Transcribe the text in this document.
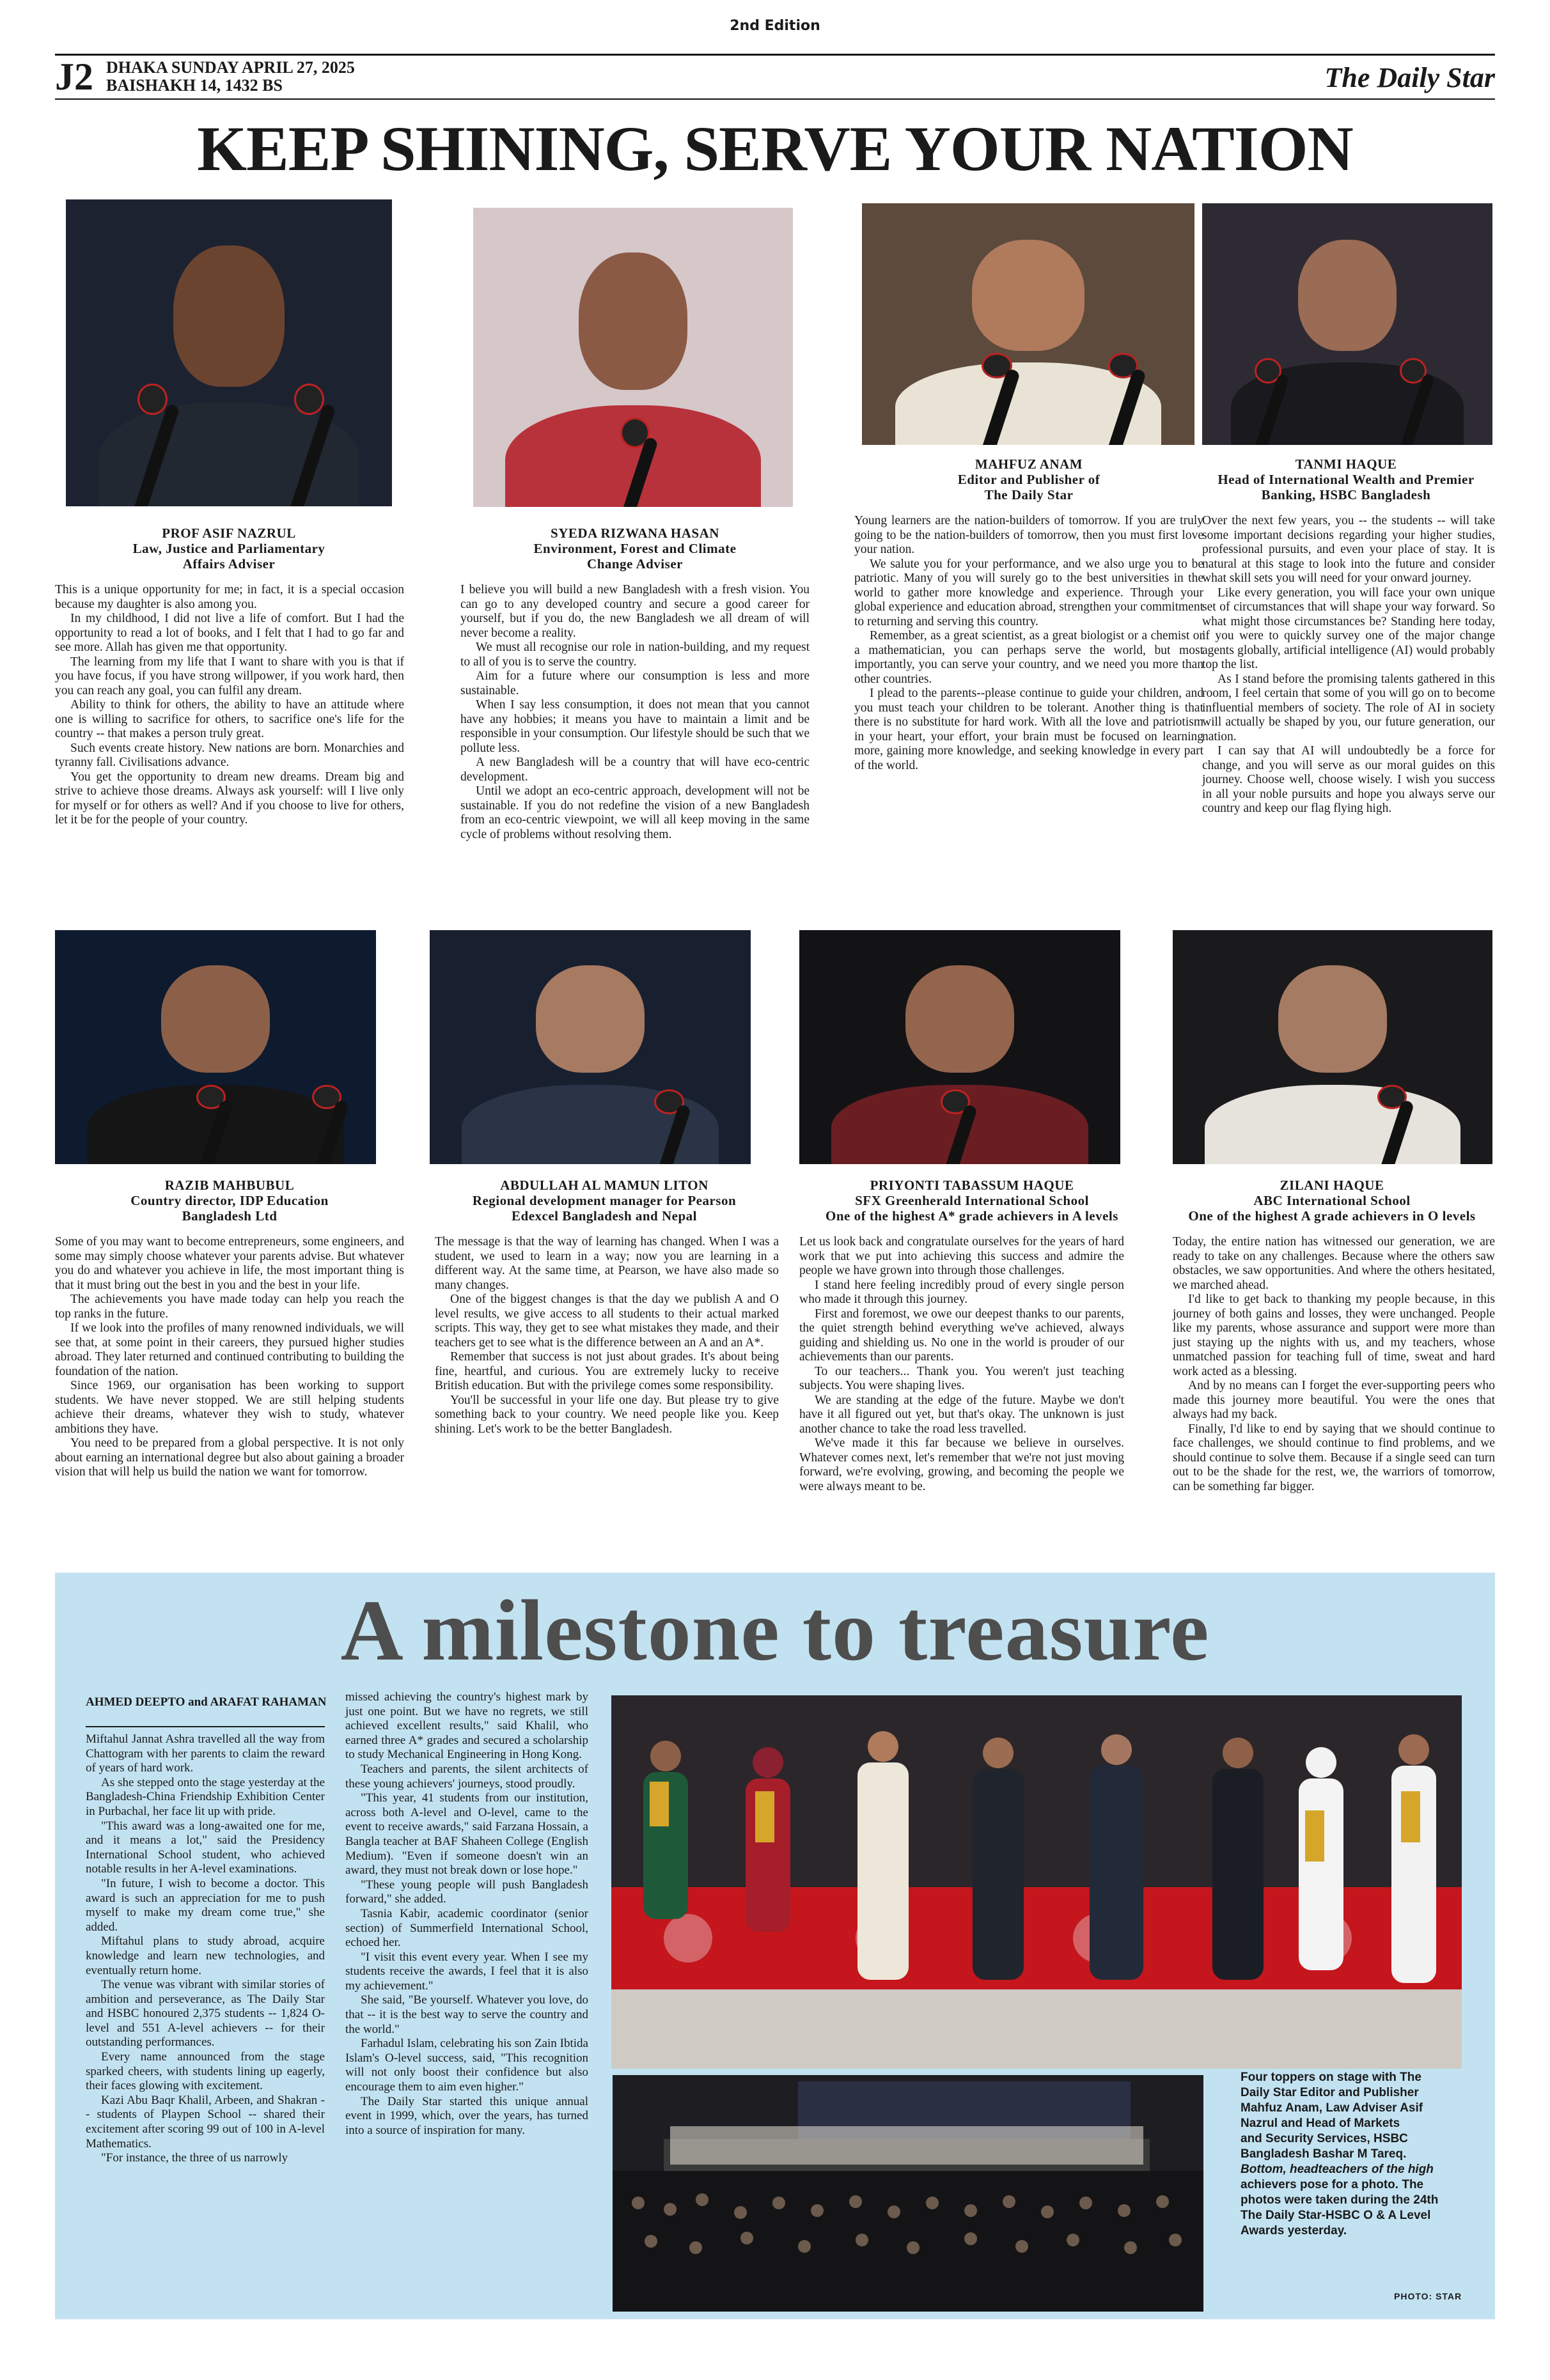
2nd Edition
J2 DHAKA SUNDAY APRIL 27, 2025
BAISHAKH 14, 1432 BS	The Daily Star
KEEP SHINING, SERVE YOUR NATION
PROF ASIF NAZRUL
Law, Justice and Parliamentary
Affairs Adviser

This is a unique opportunity for me; in fact, it is a special occasion because my daughter is also among you.

In my childhood, I did not live a life of comfort. But I had the opportunity to read a lot of books, and I felt that I had to go far and see more. Allah has given me that opportunity.

The learning from my life that I want to share with you is that if you have focus, if you have strong willpower, if you work hard, then you can reach any goal, you can fulfil any dream.

Ability to think for others, the ability to have an attitude where one is willing to sacrifice for others, to sacrifice one's life for the country -- that makes a person truly great.

Such events create history. New nations are born. Monarchies and tyranny fall. Civilisations advance.

You get the opportunity to dream new dreams. Dream big and strive to achieve those dreams. Always ask yourself: will I live only for myself or for others as well? And if you choose to live for others, let it be for the people of your country.

SYEDA RIZWANA HASAN
Environment, Forest and Climate
Change Adviser

I believe you will build a new Bangladesh with a fresh vision. You can go to any developed country and secure a good career for yourself, but if you do, the new Bangladesh we all dream of will never become a reality.

We must all recognise our role in nation-building, and my request to all of you is to serve the country.

Aim for a future where our consumption is less and more sustainable.

When I say less consumption, it does not mean that you cannot have any hobbies; it means you have to maintain a limit and be responsible in your consumption. Our lifestyle should be such that we pollute less.

A new Bangladesh will be a country that will have eco-centric development.

Until we adopt an eco-centric approach, development will not be sustainable. If you do not redefine the vision of a new Bangladesh from an eco-centric viewpoint, we will all keep moving in the same cycle of problems without resolving them.

MAHFUZ ANAM
Editor and Publisher of
The Daily Star

Young learners are the nation-builders of tomorrow. If you are truly going to be the nation-builders of tomorrow, then you must first love your nation.

We salute you for your performance, and we also urge you to be patriotic. Many of you will surely go to the best universities in the world to gather more knowledge and experience. Through your global experience and education abroad, strengthen your commitment to returning and serving this country.

Remember, as a great scientist, as a great biologist or a chemist or a mathematician, you can perhaps serve the world, but most importantly, you can serve your country, and we need you more than other countries.

I plead to the parents--please continue to guide your children, and you must teach your children to be tolerant. Another thing is that there is no substitute for hard work. With all the love and patriotism in your heart, your effort, your brain must be focused on learning more, gaining more knowledge, and seeking knowledge in every part of the world.

TANMI HAQUE
Head of International Wealth and Premier
Banking, HSBC Bangladesh

Over the next few years, you -- the students -- will take some important decisions regarding your higher studies, professional pursuits, and even your place of stay. It is natural at this stage to look into the future and consider what skill sets you will need for your onward journey.

Like every generation, you will face your own unique set of circumstances that will shape your way forward. So what might those circumstances be? Standing here today, if you were to quickly survey one of the major change agents globally, artificial intelligence (AI) would probably top the list.

As I stand before the promising talents gathered in this room, I feel certain that some of you will go on to become influential members of society. The role of AI in society will actually be shaped by you, our future generation, our nation.

I can say that AI will undoubtedly be a force for change, and you will serve as our moral guides on this journey. Choose well, choose wisely. I wish you success in all your noble pursuits and hope you always serve our country and keep our flag flying high.

RAZIB MAHBUBUL
Country director, IDP Education
Bangladesh Ltd

Some of you may want to become entrepreneurs, some engineers, and some may simply choose whatever your parents advise. But whatever you do and whatever you achieve in life, the most important thing is that it must bring out the best in you and the best in your life.

The achievements you have made today can help you reach the top ranks in the future.

If we look into the profiles of many renowned individuals, we will see that, at some point in their careers, they pursued higher studies abroad. They later returned and continued contributing to building the foundation of the nation.

Since 1969, our organisation has been working to support students. We have never stopped. We are still helping students achieve their dreams, whatever they wish to study, whatever ambitions they have.

You need to be prepared from a global perspective. It is not only about earning an international degree but also about gaining a broader vision that will help us build the nation we want for tomorrow.

ABDULLAH AL MAMUN LITON
Regional development manager for Pearson
Edexcel Bangladesh and Nepal

The message is that the way of learning has changed. When I was a student, we used to learn in a way; now you are learning in a different way. At the same time, at Pearson, we have also made so many changes.

One of the biggest changes is that the day we publish A and O level results, we give access to all students to their actual marked scripts. This way, they get to see what mistakes they made, and their teachers get to see what is the difference between an A and an A*.

Remember that success is not just about grades. It's about being fine, heartful, and curious. You are extremely lucky to receive British education. But with the privilege comes some responsibility.

You'll be successful in your life one day. But please try to give something back to your country. We need people like you. Keep shining. Let's work to be the better Bangladesh.

PRIYONTI TABASSUM HAQUE
SFX Greenherald International School
One of the highest A* grade achievers in A levels

Let us look back and congratulate ourselves for the years of hard work that we put into achieving this success and admire the people we have grown into through those challenges.

I stand here feeling incredibly proud of every single person who made it through this journey.

First and foremost, we owe our deepest thanks to our parents, the quiet strength behind everything we've achieved, always guiding and shielding us. No one in the world is prouder of our achievements than our parents.

To our teachers... Thank you. You weren't just teaching subjects. You were shaping lives.

We are standing at the edge of the future. Maybe we don't have it all figured out yet, but that's okay. The unknown is just another chance to take the road less travelled.

We've made it this far because we believe in ourselves. Whatever comes next, let's remember that we're not just moving forward, we're evolving, growing, and becoming the people we were always meant to be.

ZILANI HAQUE
ABC International School
One of the highest A grade achievers in O levels

Today, the entire nation has witnessed our generation, we are ready to take on any challenges. Because where the others saw obstacles, we saw opportunities. And where the others hesitated, we marched ahead.

I'd like to get back to thanking my people because, in this journey of both gains and losses, they were unchanged. People like my parents, whose assurance and support were more than just staying up the nights with us, and my teachers, whose unmatched passion for teaching full of time, sweat and hard work acted as a blessing.

And by no means can I forget the ever-supporting peers who made this journey more beautiful. You were the ones that always had my back.

Finally, I'd like to end by saying that we should continue to face challenges, we should continue to find problems, and we should continue to solve them. Because if a single seed can turn out to be the shade for the rest, we, the warriors of tomorrow, can be something far bigger.

A milestone to treasure
AHMED DEEPTO and ARAFAT RAHAMAN

Miftahul Jannat Ashra travelled all the way from Chattogram with her parents to claim the reward of years of hard work.

As she stepped onto the stage yesterday at the Bangladesh-China Friendship Exhibition Center in Purbachal, her face lit up with pride.

"This award was a long-awaited one for me, and it means a lot," said the Presidency International School student, who achieved notable results in her A-level examinations.

"In future, I wish to become a doctor. This award is such an appreciation for me to push myself to make my dream come true," she added.

Miftahul plans to study abroad, acquire knowledge and learn new technologies, and eventually return home.

The venue was vibrant with similar stories of ambition and perseverance, as The Daily Star and HSBC honoured 2,375 students -- 1,824 O-level and 551 A-level achievers -- for their outstanding performances.

Every name announced from the stage sparked cheers, with students lining up eagerly, their faces glowing with excitement.

Kazi Abu Baqr Khalil, Arbeen, and Shakran -- students of Playpen School -- shared their excitement after scoring 99 out of 100 in A-level Mathematics.

"For instance, the three of us narrowly

missed achieving the country's highest mark by just one point. But we have no regrets, we still achieved excellent results," said Khalil, who earned three A* grades and secured a scholarship to study Mechanical Engineering in Hong Kong.

Teachers and parents, the silent architects of these young achievers' journeys, stood proudly.

"This year, 41 students from our institution, across both A-level and O-level, came to the event to receive awards," said Farzana Hossain, a Bangla teacher at BAF Shaheen College (English Medium). "Even if someone doesn't win an award, they must not break down or lose hope."

"These young people will push Bangladesh forward," she added.

Tasnia Kabir, academic coordinator (senior section) of Summerfield International School, echoed her.

"I visit this event every year. When I see my students receive the awards, I feel that it is also my achievement."

She said, "Be yourself. Whatever you love, do that -- it is the best way to serve the country and the world."

Farhadul Islam, celebrating his son Zain Ibtida Islam's O-level success, said, "This recognition will not only boost their confidence but also encourage them to aim even higher."

The Daily Star started this unique annual event in 1999, which, over the years, has turned into a source of inspiration for many.

Four toppers on stage with The
Daily Star Editor and Publisher
Mahfuz Anam, Law Adviser Asif
Nazrul and Head of Markets
and Security Services, HSBC
Bangladesh Bashar M Tareq.
Bottom, headteachers of the high
achievers pose for a photo. The
photos were taken during the 24th
The Daily Star-HSBC O & A Level
Awards yesterday.
PHOTO: STAR
